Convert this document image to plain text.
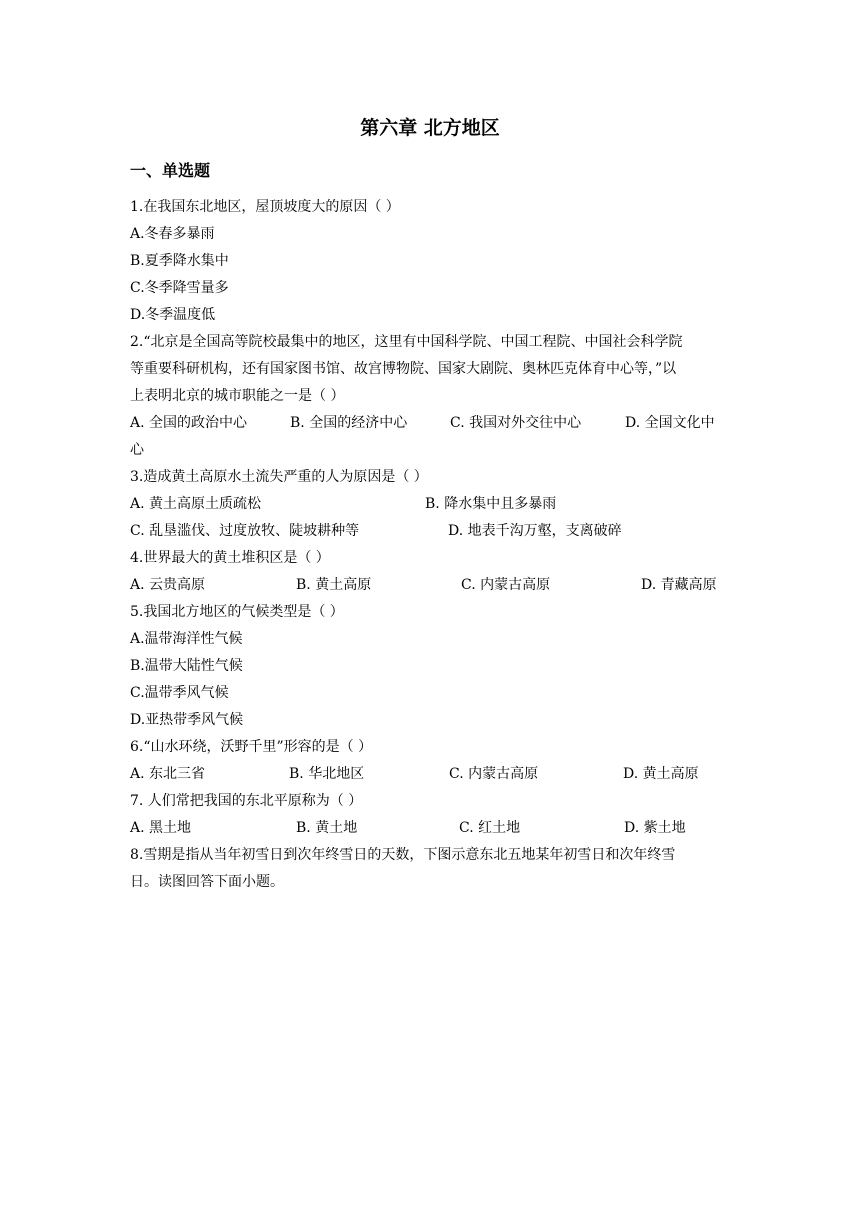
第六章 北方地区
一、单选题
1.在我国东北地区，屋顶坡度大的原因（ ）
A.冬春多暴雨
B.夏季降水集中
C.冬季降雪量多
D.冬季温度低
2.“北京是全国高等院校最集中的地区，这里有中国科学院、中国工程院、中国社会科学院
等重要科研机构，还有国家图书馆、故宫博物院、国家大剧院、奥林匹克体育中心等，”以
上表明北京的城市职能之一是（ ）
A. 全国的政治中心	B. 全国的经济中心	C. 我国对外交往中心	D. 全国文化中
心
3.造成黄土高原水土流失严重的人为原因是（ ）
A. 黄土高原土质疏松	B. 降水集中且多暴雨
C. 乱垦滥伐、过度放牧、陡坡耕种等	D. 地表千沟万壑，支离破碎
4.世界最大的黄土堆积区是（ ）
A. 云贵高原	B. 黄土高原	C. 内蒙古高原	D. 青藏高原
5.我国北方地区的气候类型是（ ）
A.温带海洋性气候
B.温带大陆性气候
C.温带季风气候
D.亚热带季风气候
6.“山水环绕，沃野千里”形容的是（ ）
A. 东北三省	B. 华北地区	C. 内蒙古高原	D. 黄土高原
7. 人们常把我国的东北平原称为（ ）
A. 黑土地	B. 黄土地	C. 红土地	D. 紫土地
8.雪期是指从当年初雪日到次年终雪日的天数，下图示意东北五地某年初雪日和次年终雪
日。读图回答下面小题。
